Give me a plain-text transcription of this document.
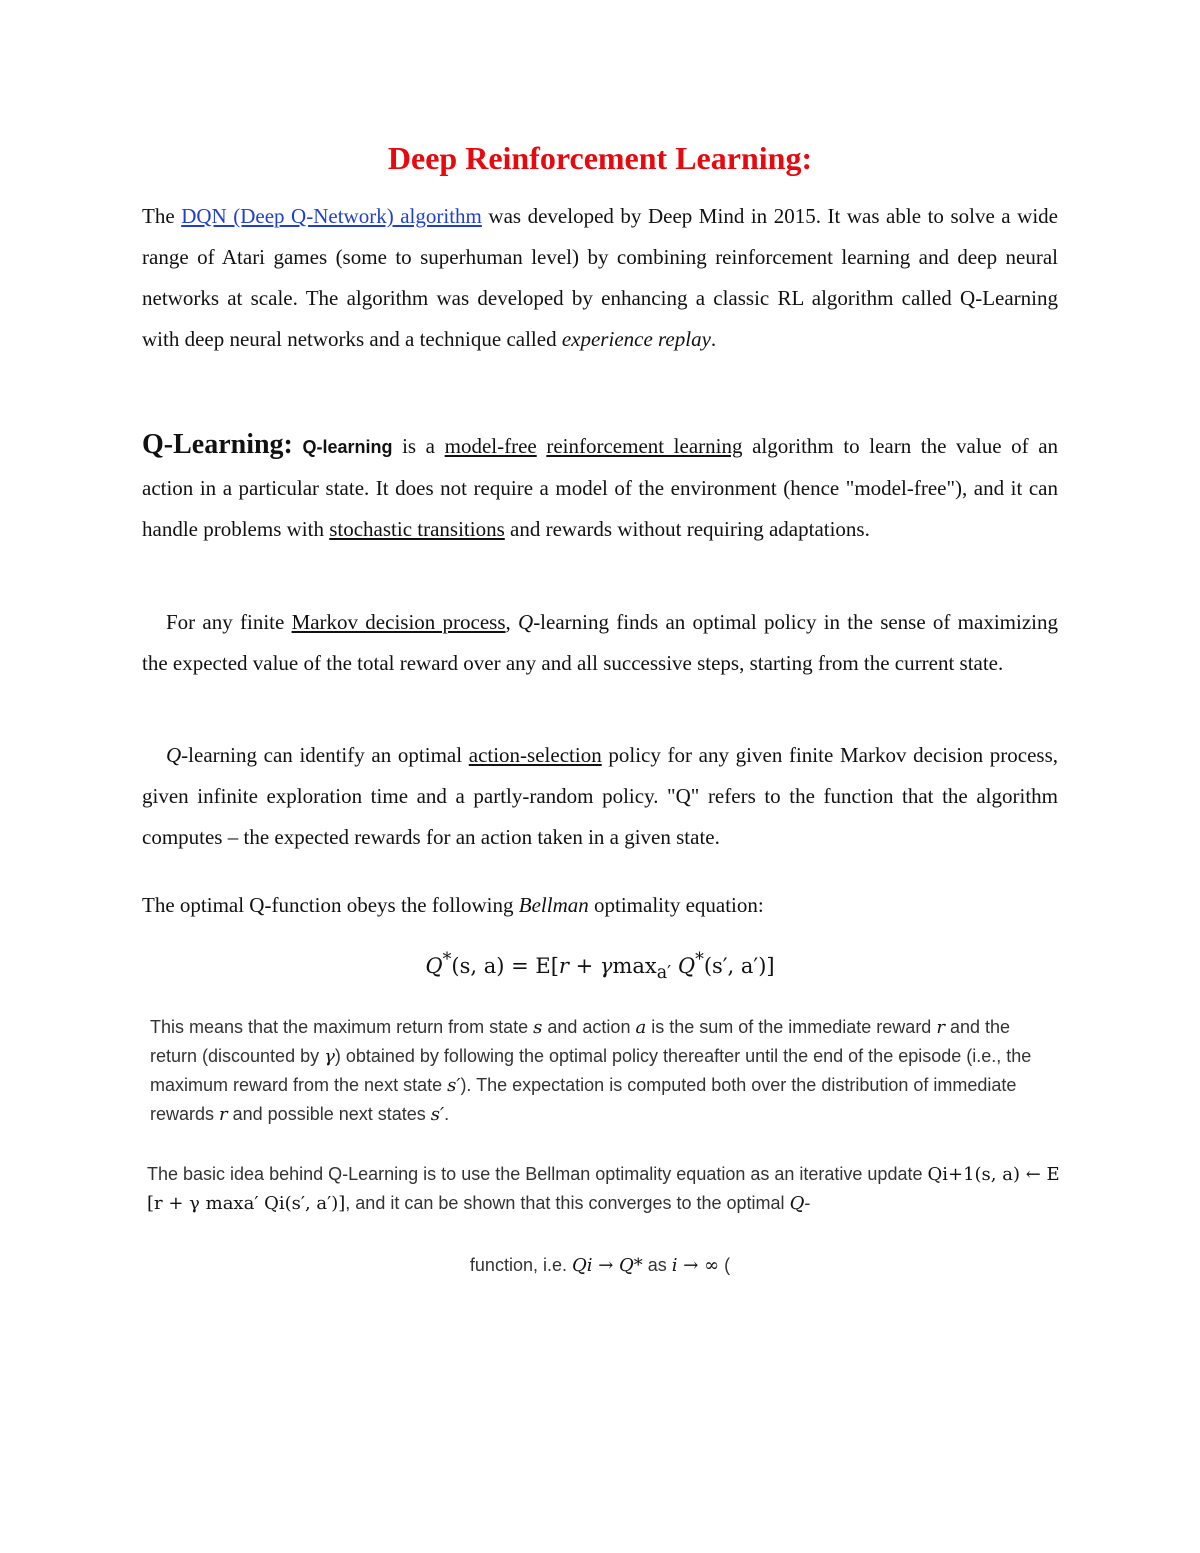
Deep Reinforcement Learning:

The DQN (Deep Q-Network) algorithm was developed by Deep Mind in 2015. It was able to solve a wide range of Atari games (some to superhuman level) by combining reinforcement learning and deep neural networks at scale. The algorithm was developed by enhancing a classic RL algorithm called Q-Learning with deep neural networks and a technique called experience replay.

Q-Learning: Q-learning is a model-free reinforcement learning algorithm to learn the value of an action in a particular state. It does not require a model of the environment (hence "model-free"), and it can handle problems with stochastic transitions and rewards without requiring adaptations.

For any finite Markov decision process, Q-learning finds an optimal policy in the sense of maximizing the expected value of the total reward over any and all successive steps, starting from the current state.

Q-learning can identify an optimal action-selection policy for any given finite Markov decision process, given infinite exploration time and a partly-random policy. "Q" refers to the function that the algorithm computes – the expected rewards for an action taken in a given state.

The optimal Q-function obeys the following Bellman optimality equation:

Q*(s, a) = E[r + γmax$_{a'}$ Q*(s′, a′)]

This means that the maximum return from state s and action a is the sum of the immediate reward r and the return (discounted by γ) obtained by following the optimal policy thereafter until the end of the episode (i.e., the maximum reward from the next state s′). The expectation is computed both over the distribution of immediate rewards r and possible next states s′.

The basic idea behind Q-Learning is to use the Bellman optimality equation as an iterative update Qi+1(s, a) ← E [r + γ maxa′ Qi(s′, a′)], and it can be shown that this converges to the optimal Q-

function, i.e. Qi → Q* as i → ∞ (
